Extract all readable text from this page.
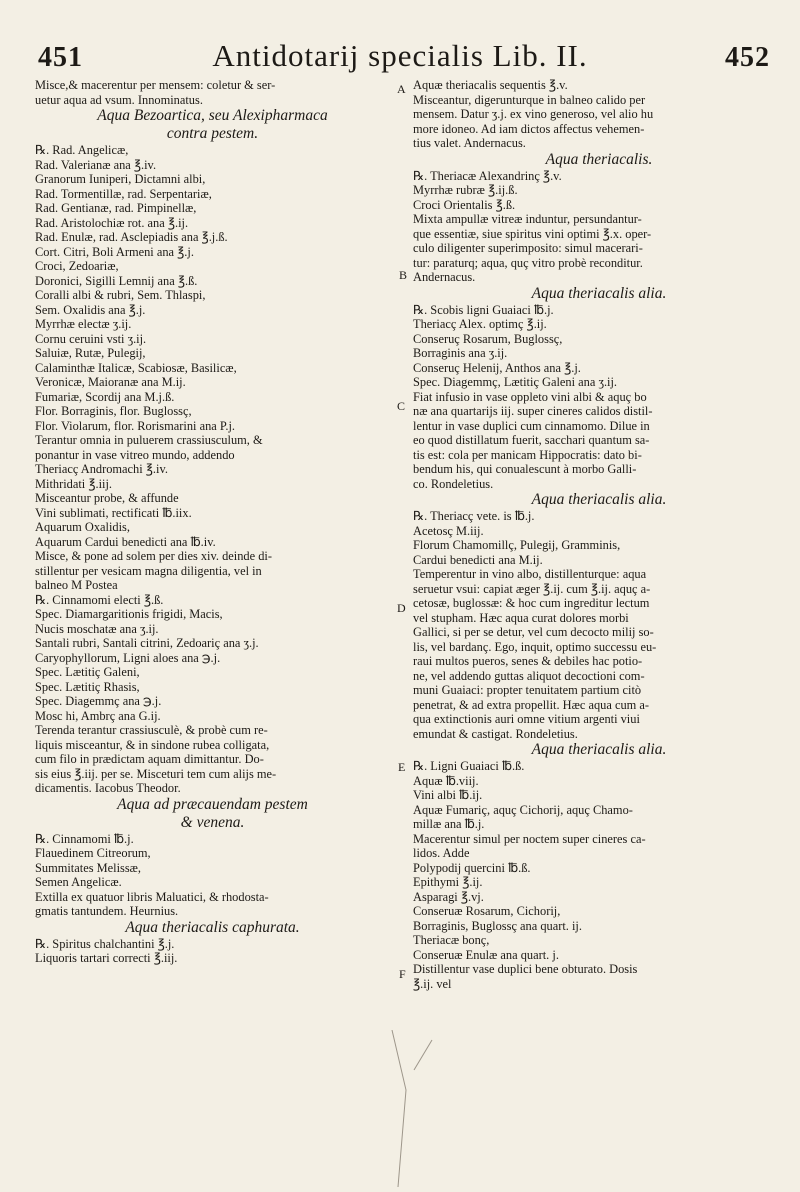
451	Antidotarij specialis Lib. II.	452

Misce,& macerentur per mensem: coletur & ser-

uetur aqua ad vsum. Innominatus.

Aqua Bezoartica, seu Alexipharmaca

contra pestem.

℞. Rad. Angelicæ,

Rad. Valerianæ ana ℥.iv.

Granorum Iuniperi, Dictamni albi,

Rad. Tormentillæ, rad. Serpentariæ,

Rad. Gentianæ, rad. Pimpinellæ,

Rad. Aristolochiæ rot. ana ℥.ij.

Rad. Enulæ, rad. Asclepiadis ana ℥.j.ß.

Cort. Citri, Boli Armeni ana ℥.j.

Croci, Zedoariæ,

Doronici, Sigilli Lemnij ana ℥.ß.

Coralli albi & rubri, Sem. Thlaspi,

Sem. Oxalidis ana ℥.j.

Myrrhæ electæ ʒ.ij.

Cornu ceruini vsti ʒ.ij.

Saluiæ, Rutæ, Pulegij,

Calaminthæ Italicæ, Scabiosæ, Basilicæ,

Veronicæ, Maioranæ ana M.ij.

Fumariæ, Scordij ana M.j.ß.

Flor. Borraginis, flor. Buglossç,

Flor. Violarum, flor. Rorismarini ana P.j.

Terantur omnia in puluerem crassiusculum, &

ponantur in vase vitreo mundo, addendo

Theriacç Andromachi ℥.iv.

Mithridati ℥.iij.

Misceantur probe, & affunde

Vini sublimati, rectificati ℔.iix.

Aquarum Oxalidis,

Aquarum Cardui benedicti ana ℔.iv.

Misce, & pone ad solem per dies xiv. deinde di-

stillentur per vesicam magna diligentia, vel in

balneo M Postea

℞. Cinnamomi electi ℥.ß.

Spec. Diamargaritionis frigidi, Macis,

Nucis moschatæ ana ʒ.ij.

Santali rubri, Santali citrini, Zedoariç ana ʒ.j.

Caryophyllorum, Ligni aloes ana ℈.j.

Spec. Lætitiç Galeni,

Spec. Lætitiç Rhasis,

Spec. Diagemmç ana ℈.j.

Mosc hi, Ambrç ana G.ij.

Terenda terantur crassiusculè, & probè cum re-

liquis misceantur, & in sindone rubea colligata,

cum filo in prædictam aquam dimittantur. Do-

sis eius ℥.iij. per se. Misceturi tem cum alijs me-

dicamentis. Iacobus Theodor.

Aqua ad præcauendam pestem

& venena.

℞. Cinnamomi ℔.j.

Flauedinem Citreorum,

Summitates Melissæ,

Semen Angelicæ.

Extilla ex quatuor libris Maluatici, & rhodosta-

gmatis tantundem. Heurnius.

Aqua theriacalis caphurata.

℞. Spiritus chalchantini ℥.j.

Liquoris tartari correcti ℥.iij.

Aquæ theriacalis sequentis ℥.v.

Misceantur, digerunturque in balneo calido per

mensem. Datur ʒ.j. ex vino generoso, vel alio hu

more idoneo. Ad iam dictos affectus vehemen-

tius valet. Andernacus.

Aqua theriacalis.

℞. Theriacæ Alexandrinç ℥.v.

Myrrhæ rubræ ℥.ij.ß.

Croci Orientalis ℥.ß.

Mixta ampullæ vitreæ induntur, persundantur-

que essentiæ, siue spiritus vini optimi ℥.x. oper-

culo diligenter superimposito: simul macerari-

tur: paraturq; aqua, quç vitro probè reconditur.

Andernacus.

Aqua theriacalis alia.

℞. Scobis ligni Guaiaci ℔.j.

Theriacç Alex. optimç ℥.ij.

Conseruç Rosarum, Buglossç,

Borraginis ana ʒ.ij.

Conseruç Helenij, Anthos ana ℥.j.

Spec. Diagemmç, Lætitiç Galeni ana ʒ.ij.

Fiat infusio in vase oppleto vini albi & aquç bo

næ ana quartarijs iij. super cineres calidos distil-

lentur in vase duplici cum cinnamomo. Dilue in

eo quod distillatum fuerit, sacchari quantum sa-

tis est: cola per manicam Hippocratis: dato bi-

bendum his, qui conualescunt à morbo Galli-

co. Rondeletius.

Aqua theriacalis alia.

℞. Theriacç vete. is ℔.j.

Acetosç M.iij.

Florum Chamomillç, Pulegij, Gramminis,

Cardui benedicti ana M.ij.

Temperentur in vino albo, distillenturque: aqua

seruetur vsui: capiat æger ℥.ij. cum ℥.ij. aquç a-

cetosæ, buglossæ: & hoc cum ingreditur lectum

vel stupham. Hæc aqua curat dolores morbi

Gallici, si per se detur, vel cum decocto milij so-

lis, vel bardanç. Ego, inquit, optimo successu eu-

raui multos pueros, senes & debiles hac potio-

ne, vel addendo guttas aliquot decoctioni com-

muni Guaiaci: propter tenuitatem partium citò

penetrat, & ad extra propellit. Hæc aqua cum a-

qua extinctionis auri omne vitium argenti viui

emundat & castigat. Rondeletius.

Aqua theriacalis alia.

℞. Ligni Guaiaci ℔.ß.

Aquæ ℔.viij.

Vini albi ℔.ij.

Aquæ Fumariç, aquç Cichorij, aquç Chamo-

millæ ana ℔.j.

Macerentur simul per noctem super cineres ca-

lidos. Adde

Polypodij quercini ℔.ß.

Epithymi ℥.ij.

Asparagi ℥.vj.

Conseruæ Rosarum, Cichorij,

Borraginis, Buglossç ana quart. ij.

Theriacæ bonç,

Conseruæ Enulæ ana quart. j.

Distillentur vase duplici bene obturato. Dosis

℥.ij. vel

A
B
C
D
E
F
